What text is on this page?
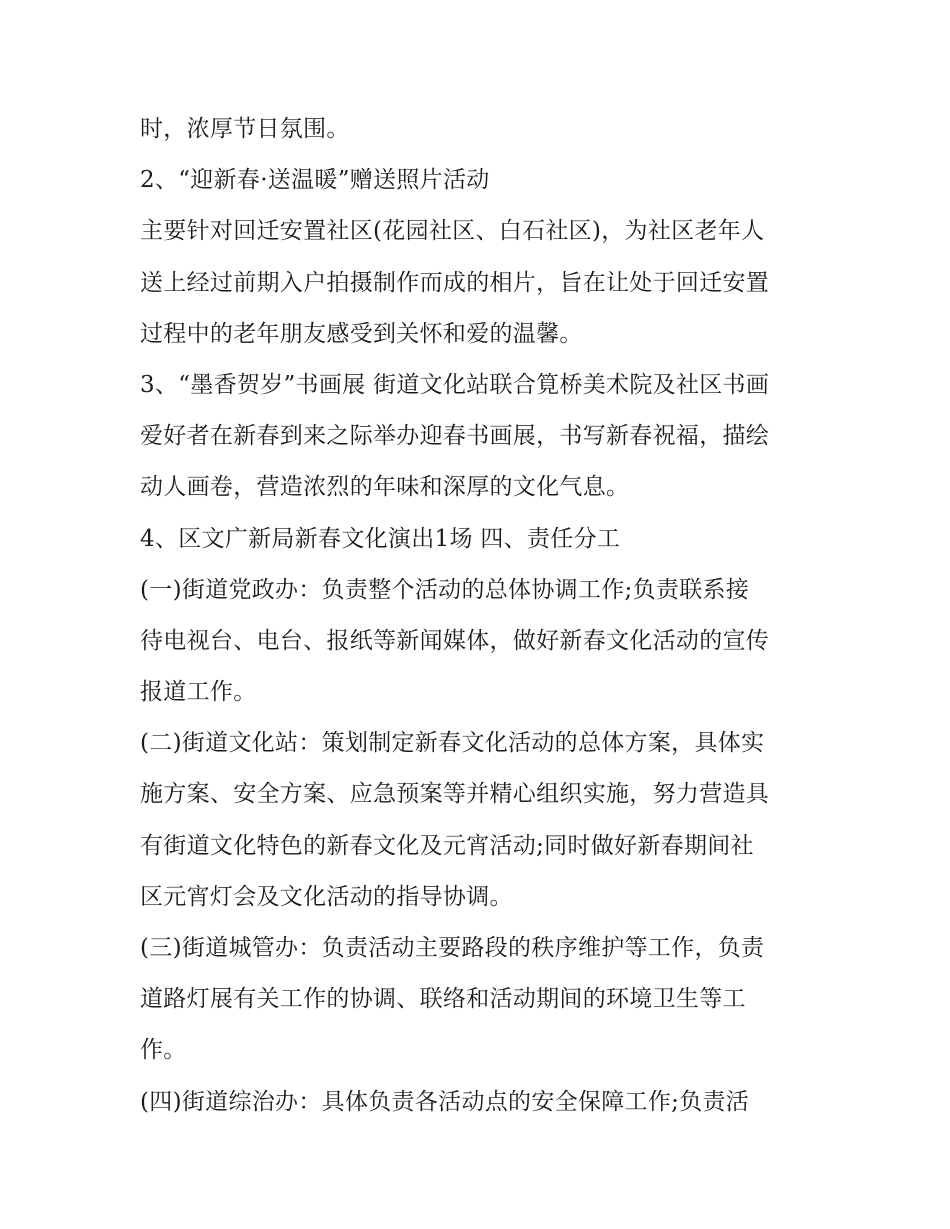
时，浓厚节日氛围。
2、“迎新春·送温暖”赠送照片活动
主要针对回迁安置社区(花园社区、白石社区)，为社区老年人
送上经过前期入户拍摄制作而成的相片，旨在让处于回迁安置
过程中的老年朋友感受到关怀和爱的温馨。
3、“墨香贺岁”书画展 街道文化站联合筧桥美术院及社区书画
爱好者在新春到来之际举办迎春书画展，书写新春祝福，描绘
动人画卷，营造浓烈的年味和深厚的文化气息。
4、区文广新局新春文化演出1场 四、责任分工
(一)街道党政办：负责整个活动的总体协调工作;负责联系接
待电视台、电台、报纸等新闻媒体，做好新春文化活动的宣传
报道工作。
(二)街道文化站：策划制定新春文化活动的总体方案，具体实
施方案、安全方案、应急预案等并精心组织实施，努力营造具
有街道文化特色的新春文化及元宵活动;同时做好新春期间社
区元宵灯会及文化活动的指导协调。
(三)街道城管办：负责活动主要路段的秩序维护等工作，负责
道路灯展有关工作的协调、联络和活动期间的环境卫生等工
作。
(四)街道综治办：具体负责各活动点的安全保障工作;负责活
